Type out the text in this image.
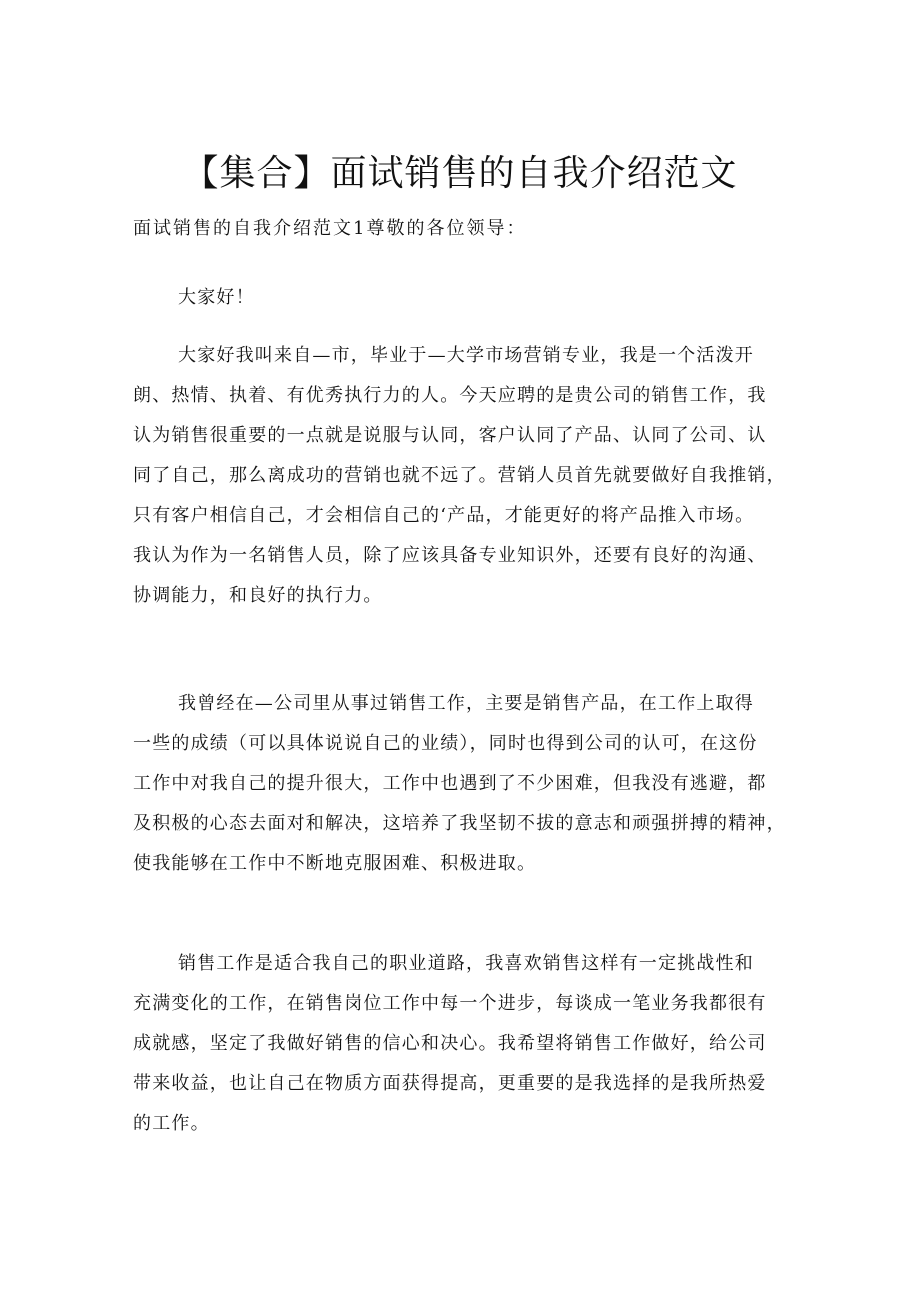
【集合】面试销售的自我介绍范文

面试销售的自我介绍范文1尊敬的各位领导：

大家好！
大家好我叫来自—市，毕业于—大学市场营销专业，我是一个活泼开
朗、热情、执着、有优秀执行力的人。今天应聘的是贵公司的销售工作，我
认为销售很重要的一点就是说服与认同，客户认同了产品、认同了公司、认
同了自己，那么离成功的营销也就不远了。营销人员首先就要做好自我推销，
只有客户相信自己，才会相信自己的‘产品，才能更好的将产品推入市场。
我认为作为一名销售人员，除了应该具备专业知识外，还要有良好的沟通、
协调能力，和良好的执行力。
我曾经在—公司里从事过销售工作，主要是销售产品，在工作上取得
一些的成绩（可以具体说说自己的业绩），同时也得到公司的认可，在这份
工作中对我自己的提升很大，工作中也遇到了不少困难，但我没有逃避，都
及积极的心态去面对和解决，这培养了我坚韧不拔的意志和顽强拼搏的精神，
使我能够在工作中不断地克服困难、积极进取。
销售工作是适合我自己的职业道路，我喜欢销售这样有一定挑战性和
充满变化的工作，在销售岗位工作中每一个进步，每谈成一笔业务我都很有
成就感，坚定了我做好销售的信心和决心。我希望将销售工作做好，给公司
带来收益，也让自己在物质方面获得提高，更重要的是我选择的是我所热爱
的工作。
